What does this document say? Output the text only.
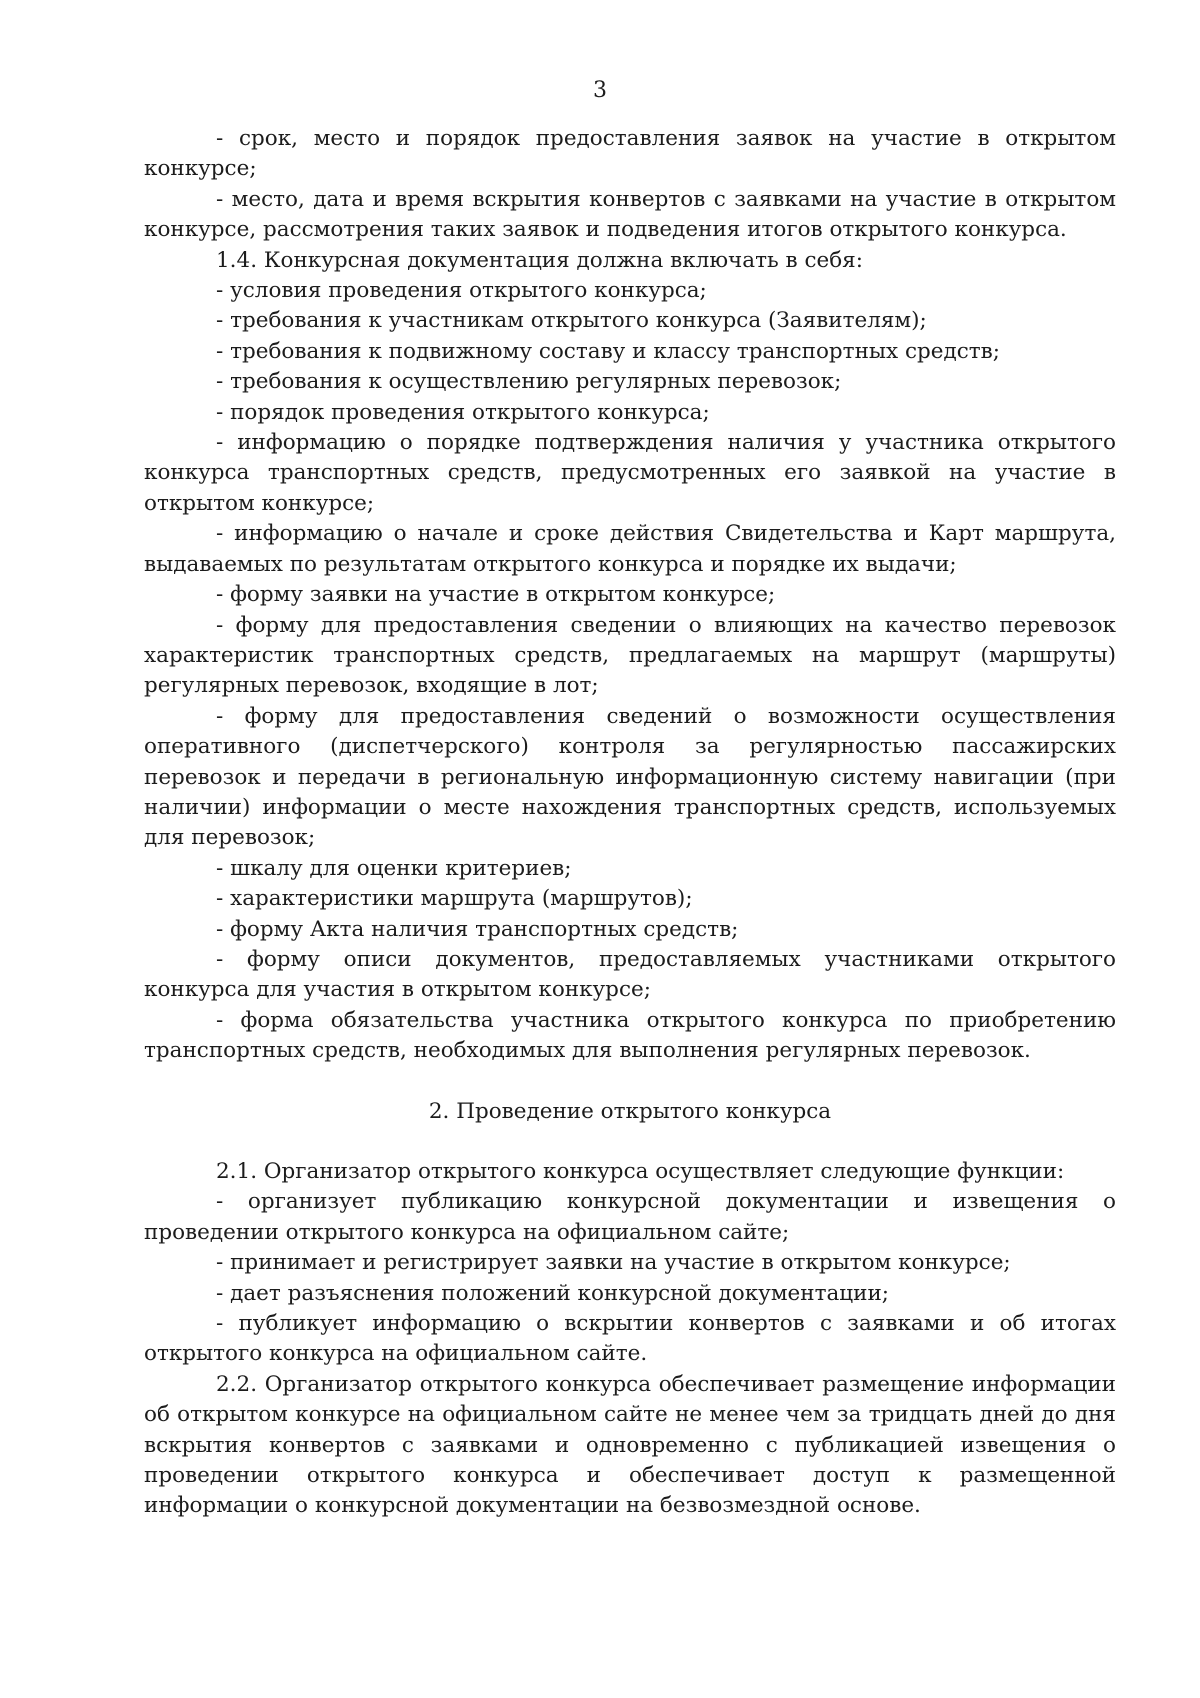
3

- срок, место и порядок предоставления заявок на участие в открытом конкурсе;

- место, дата и время вскрытия конвертов с заявками на участие в открытом конкурсе, рассмотрения таких заявок и подведения итогов открытого конкурса.

1.4. Конкурсная документация должна включать в себя:

- условия проведения открытого конкурса;

- требования к участникам открытого конкурса (Заявителям);

- требования к подвижному составу и классу транспортных средств;

- требования к осуществлению регулярных перевозок;

- порядок проведения открытого конкурса;

- информацию о порядке подтверждения наличия у участника открытого конкурса транспортных средств, предусмотренных его заявкой на участие в открытом конкурсе;

- информацию о начале и сроке действия Свидетельства и Карт маршрута, выдаваемых по результатам открытого конкурса и порядке их выдачи;

- форму заявки на участие в открытом конкурсе;

- форму для предоставления сведении о влияющих на качество перевозок характеристик транспортных средств, предлагаемых на маршрут (маршруты) регулярных перевозок, входящие в лот;

- форму для предоставления сведений о возможности осуществления оперативного (диспетчерского) контроля за регулярностью пассажирских перевозок и передачи в региональную информационную систему навигации (при наличии) информации о месте нахождения транспортных средств, используемых для перевозок;

- шкалу для оценки критериев;

- характеристики маршрута (маршрутов);

- форму Акта наличия транспортных средств;

- форму описи документов, предоставляемых участниками открытого конкурса для участия в открытом конкурсе;

- форма обязательства участника открытого конкурса по приобретению транспортных средств, необходимых для выполнения регулярных перевозок.

2. Проведение открытого конкурса

2.1. Организатор открытого конкурса осуществляет следующие функции:

- организует публикацию конкурсной документации и извещения о проведении открытого конкурса на официальном сайте;

- принимает и регистрирует заявки на участие в открытом конкурсе;

- дает разъяснения положений конкурсной документации;

- публикует информацию о вскрытии конвертов с заявками и об итогах открытого конкурса на официальном сайте.

2.2. Организатор открытого конкурса обеспечивает размещение информации об открытом конкурсе на официальном сайте не менее чем за тридцать дней до дня вскрытия конвертов с заявками и одновременно с публикацией извещения о проведении открытого конкурса и обеспечивает доступ к размещенной информации о конкурсной документации на безвозмездной основе.
